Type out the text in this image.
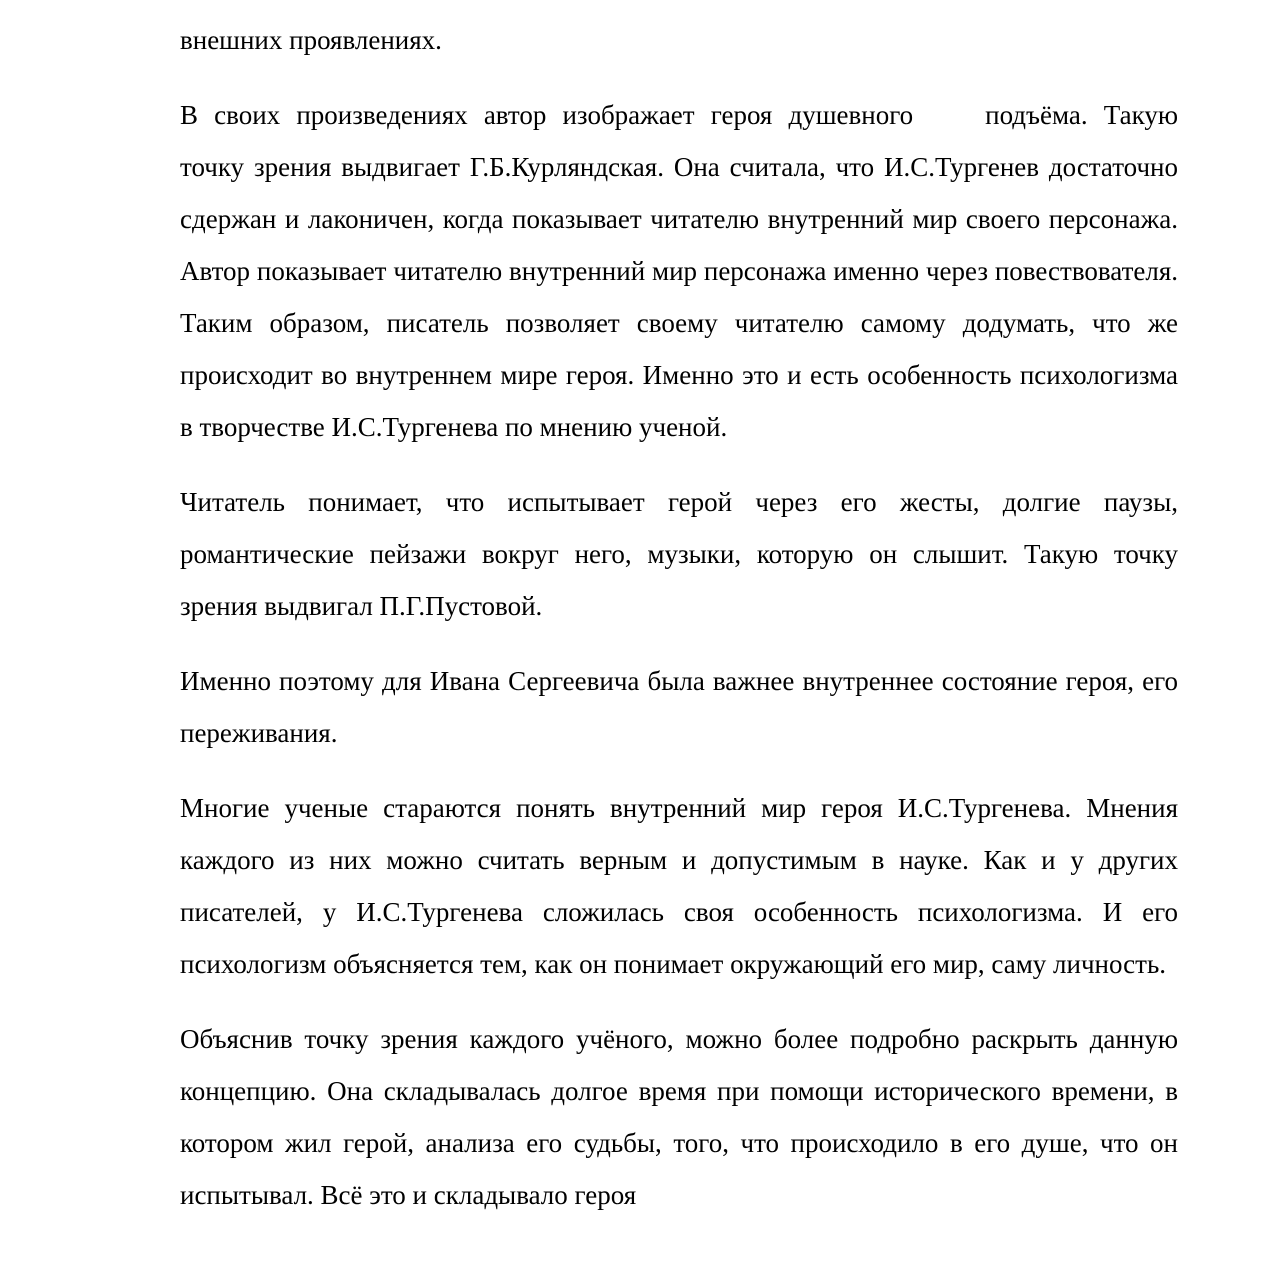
внешних проявлениях.

В своих произведениях автор изображает героя душевного	подъёма. Такую точку зрения выдвигает Г.Б.Курляндская. Она считала, что И.С.Тургенев достаточно сдержан и лаконичен, когда показывает читателю внутренний мир своего персонажа. Автор показывает читателю внутренний мир персонажа именно через повествователя. Таким образом, писатель позволяет своему читателю самому додумать, что же происходит во внутреннем мире героя. Именно это и есть особенность психологизма в творчестве И.С.Тургенева по мнению ученой.

Читатель понимает, что испытывает герой через его жесты, долгие паузы, романтические пейзажи вокруг него, музыки, которую он слышит. Такую точку зрения выдвигал П.Г.Пустовой.

Именно поэтому для Ивана Сергеевича была важнее внутреннее состояние героя, его переживания.

Многие ученые стараются понять внутренний мир героя И.С.Тургенева. Мнения каждого из них можно считать верным и допустимым в науке. Как и у других писателей, у И.С.Тургенева сложилась своя особенность психологизма. И его психологизм объясняется тем, как он понимает окружающий его мир, саму личность.

Объяснив точку зрения каждого учёного, можно более подробно раскрыть данную концепцию. Она складывалась долгое время при помощи исторического времени, в котором жил герой, анализа его судьбы, того, что происходило в его душе, что он испытывал. Всё это и складывало героя
